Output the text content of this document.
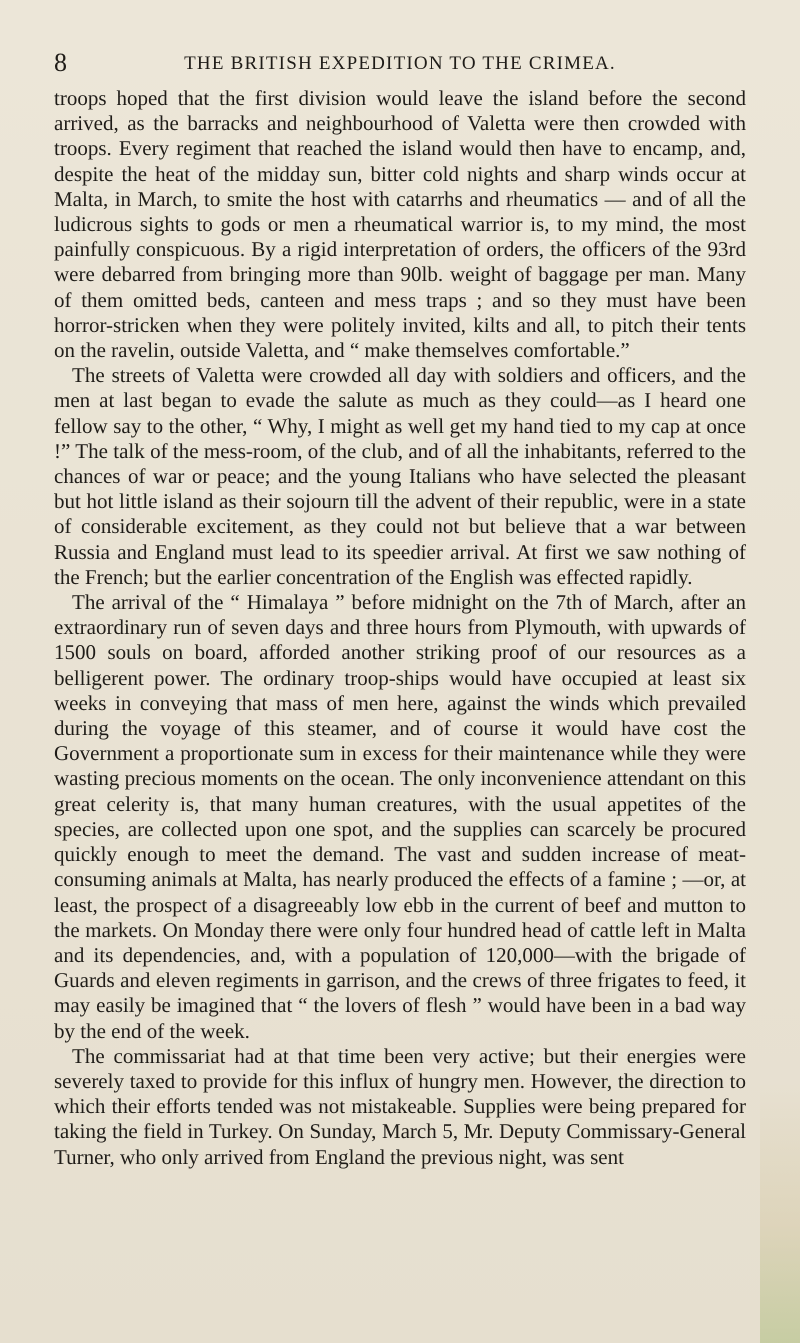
8	THE BRITISH EXPEDITION TO THE CRIMEA.

troops hoped that the first division would leave the island before the second arrived, as the barracks and neighbourhood of Valetta were then crowded with troops. Every regiment that reached the island would then have to encamp, and, despite the heat of the midday sun, bitter cold nights and sharp winds occur at Malta, in March, to smite the host with catarrhs and rheumatics — and of all the ludicrous sights to gods or men a rheumatical warrior is, to my mind, the most painfully conspicuous. By a rigid interpretation of orders, the officers of the 93rd were debarred from bringing more than 90lb. weight of baggage per man. Many of them omitted beds, canteen and mess traps ; and so they must have been horror-stricken when they were politely invited, kilts and all, to pitch their tents on the ravelin, outside Valetta, and “ make themselves comfortable.”

The streets of Valetta were crowded all day with soldiers and officers, and the men at last began to evade the salute as much as they could—as I heard one fellow say to the other, “ Why, I might as well get my hand tied to my cap at once !” The talk of the mess-room, of the club, and of all the inhabitants, referred to the chances of war or peace; and the young Italians who have selected the pleasant but hot little island as their sojourn till the advent of their republic, were in a state of considerable excitement, as they could not but believe that a war between Russia and England must lead to its speedier arrival. At first we saw nothing of the French; but the earlier concentration of the English was effected rapidly.

The arrival of the “ Himalaya ” before midnight on the 7th of March, after an extraordinary run of seven days and three hours from Plymouth, with upwards of 1500 souls on board, afforded another striking proof of our resources as a belligerent power. The ordinary troop-ships would have occupied at least six weeks in conveying that mass of men here, against the winds which prevailed during the voyage of this steamer, and of course it would have cost the Government a proportionate sum in excess for their maintenance while they were wasting precious moments on the ocean. The only inconvenience attendant on this great celerity is, that many human creatures, with the usual appetites of the species, are collected upon one spot, and the supplies can scarcely be procured quickly enough to meet the demand. The vast and sudden increase of meat-consuming animals at Malta, has nearly produced the effects of a famine ; —or, at least, the prospect of a disagreeably low ebb in the current of beef and mutton to the markets. On Monday there were only four hundred head of cattle left in Malta and its dependencies, and, with a population of 120,000—with the brigade of Guards and eleven regiments in garrison, and the crews of three frigates to feed, it may easily be imagined that “ the lovers of flesh ” would have been in a bad way by the end of the week.

The commissariat had at that time been very active; but their energies were severely taxed to provide for this influx of hungry men. However, the direction to which their efforts tended was not mistakeable. Supplies were being prepared for taking the field in Turkey. On Sunday, March 5, Mr. Deputy Commissary-General Turner, who only arrived from England the previous night, was sent
